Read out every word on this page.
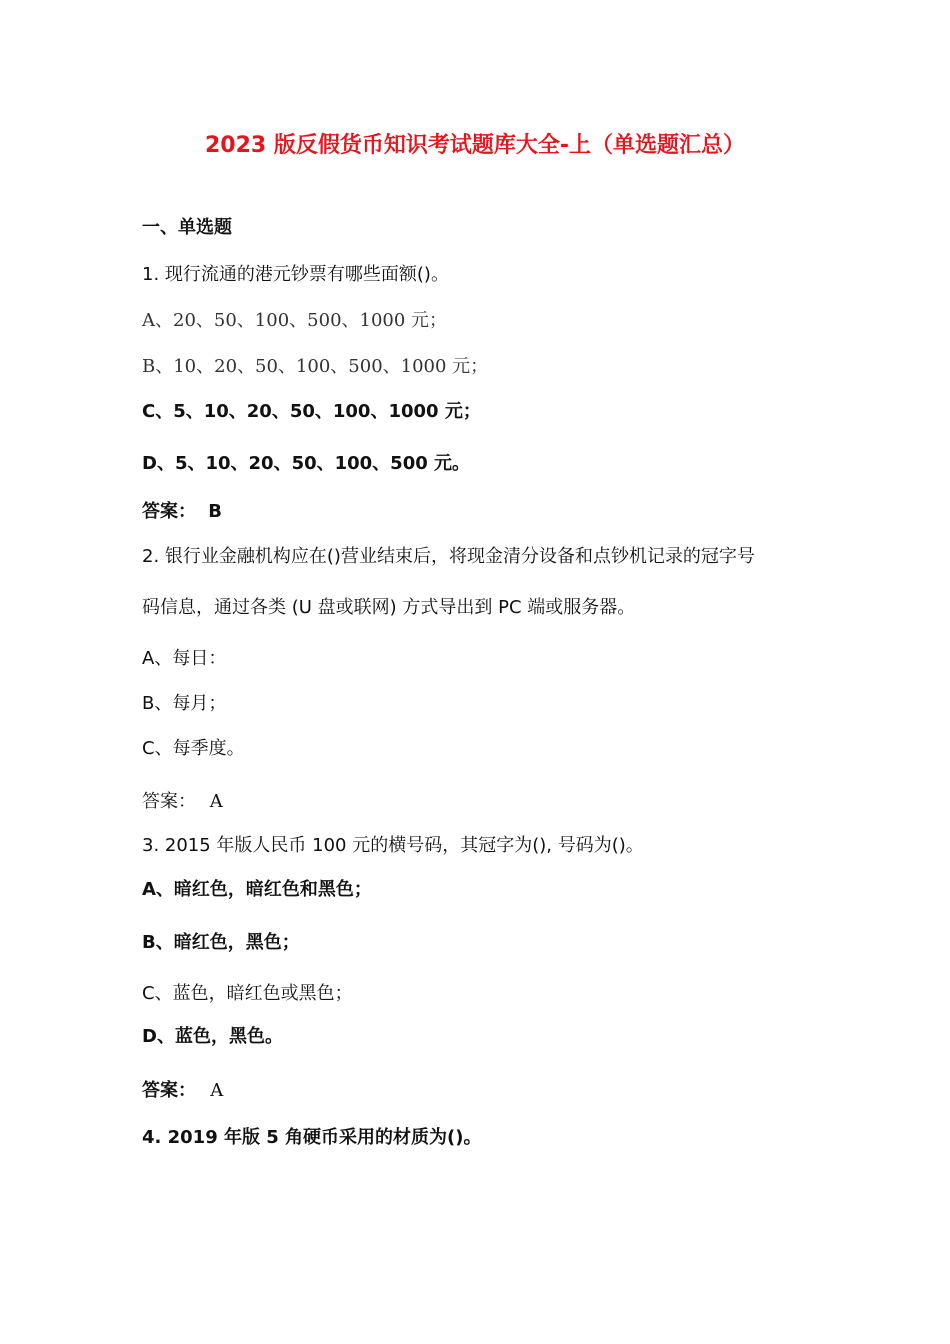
2023 版反假货币知识考试题库大全-上（单选题汇总）
一、单选题
1. 现行流通的港元钞票有哪些面额()。
A、20、50、100、500、1000 元；
B、10、20、50、100、500、1000 元；
C、5、10、20、50、100、1000 元；
D、5、10、20、50、100、500 元。
答案： B
2. 银行业金融机构应在()营业结束后，将现金清分设备和点钞机记录的冠字号
码信息，通过各类 (U 盘或联网) 方式导出到 PC 端或服务器。
A、每日：
B、每月；
C、每季度。
答案： A
3. 2015 年版人民币 100 元的横号码，其冠字为(), 号码为()。
A、暗红色，暗红色和黑色；
B、暗红色，黑色；
C、蓝色，暗红色或黑色；
D、蓝色，黑色。
答案： A
4. 2019 年版 5 角硬币采用的材质为()。
